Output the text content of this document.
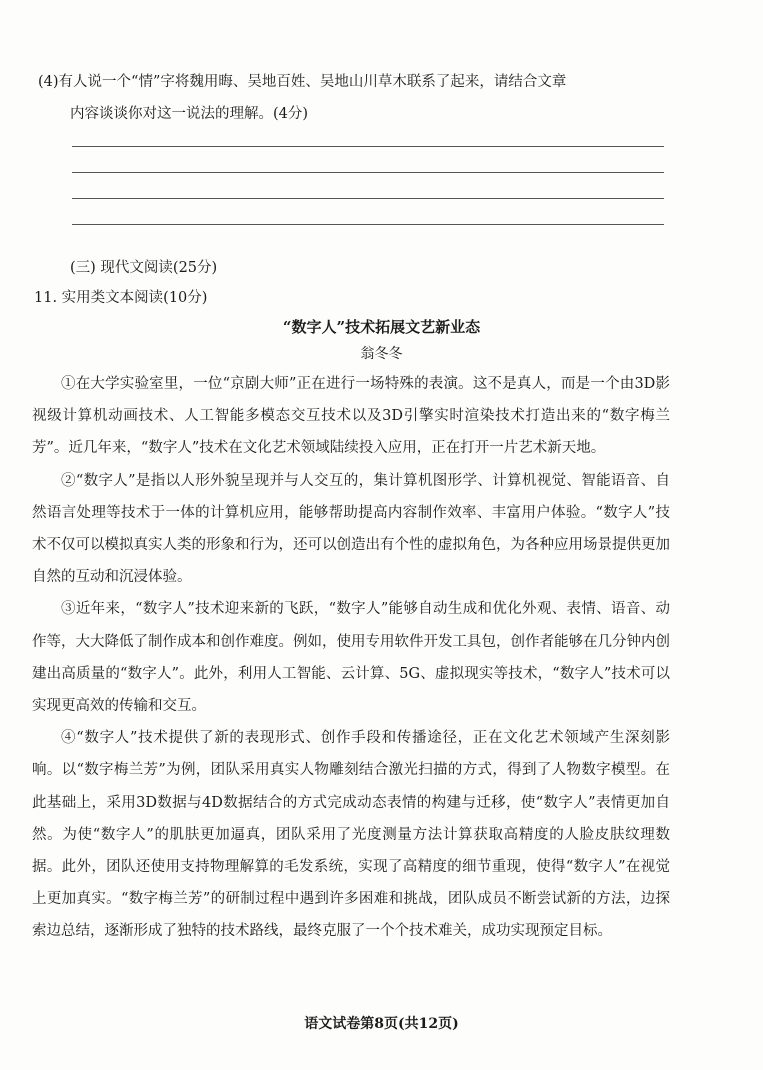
(4)有人说一个“情”字将魏用晦、吴地百姓、吴地山川草木联系了起来，请结合文章
内容谈谈你对这一说法的理解。(4分)
(三) 现代文阅读(25分)
11. 实用类文本阅读(10分)
“数字人”技术拓展文艺新业态
翁冬冬

①在大学实验室里，一位“京剧大师”正在进行一场特殊的表演。这不是真人，而是一个由3D影视级计算机动画技术、人工智能多模态交互技术以及3D引擎实时渲染技术打造出来的“数字梅兰芳”。近几年来，“数字人”技术在文化艺术领域陆续投入应用，正在打开一片艺术新天地。

②“数字人”是指以人形外貌呈现并与人交互的，集计算机图形学、计算机视觉、智能语音、自然语言处理等技术于一体的计算机应用，能够帮助提高内容制作效率、丰富用户体验。“数字人”技术不仅可以模拟真实人类的形象和行为，还可以创造出有个性的虚拟角色，为各种应用场景提供更加自然的互动和沉浸体验。

③近年来，“数字人”技术迎来新的飞跃，“数字人”能够自动生成和优化外观、表情、语音、动作等，大大降低了制作成本和创作难度。例如，使用专用软件开发工具包，创作者能够在几分钟内创建出高质量的“数字人”。此外，利用人工智能、云计算、5G、虚拟现实等技术，“数字人”技术可以实现更高效的传输和交互。

④“数字人”技术提供了新的表现形式、创作手段和传播途径，正在文化艺术领域产生深刻影响。以“数字梅兰芳”为例，团队采用真实人物雕刻结合激光扫描的方式，得到了人物数字模型。在此基础上，采用3D数据与4D数据结合的方式完成动态表情的构建与迁移，使“数字人”表情更加自然。为使“数字人”的肌肤更加逼真，团队采用了光度测量方法计算获取高精度的人脸皮肤纹理数据。此外，团队还使用支持物理解算的毛发系统，实现了高精度的细节重现，使得“数字人”在视觉上更加真实。“数字梅兰芳”的研制过程中遇到许多困难和挑战，团队成员不断尝试新的方法，边探索边总结，逐渐形成了独特的技术路线，最终克服了一个个技术难关，成功实现预定目标。

语文试卷第8页(共12页)
